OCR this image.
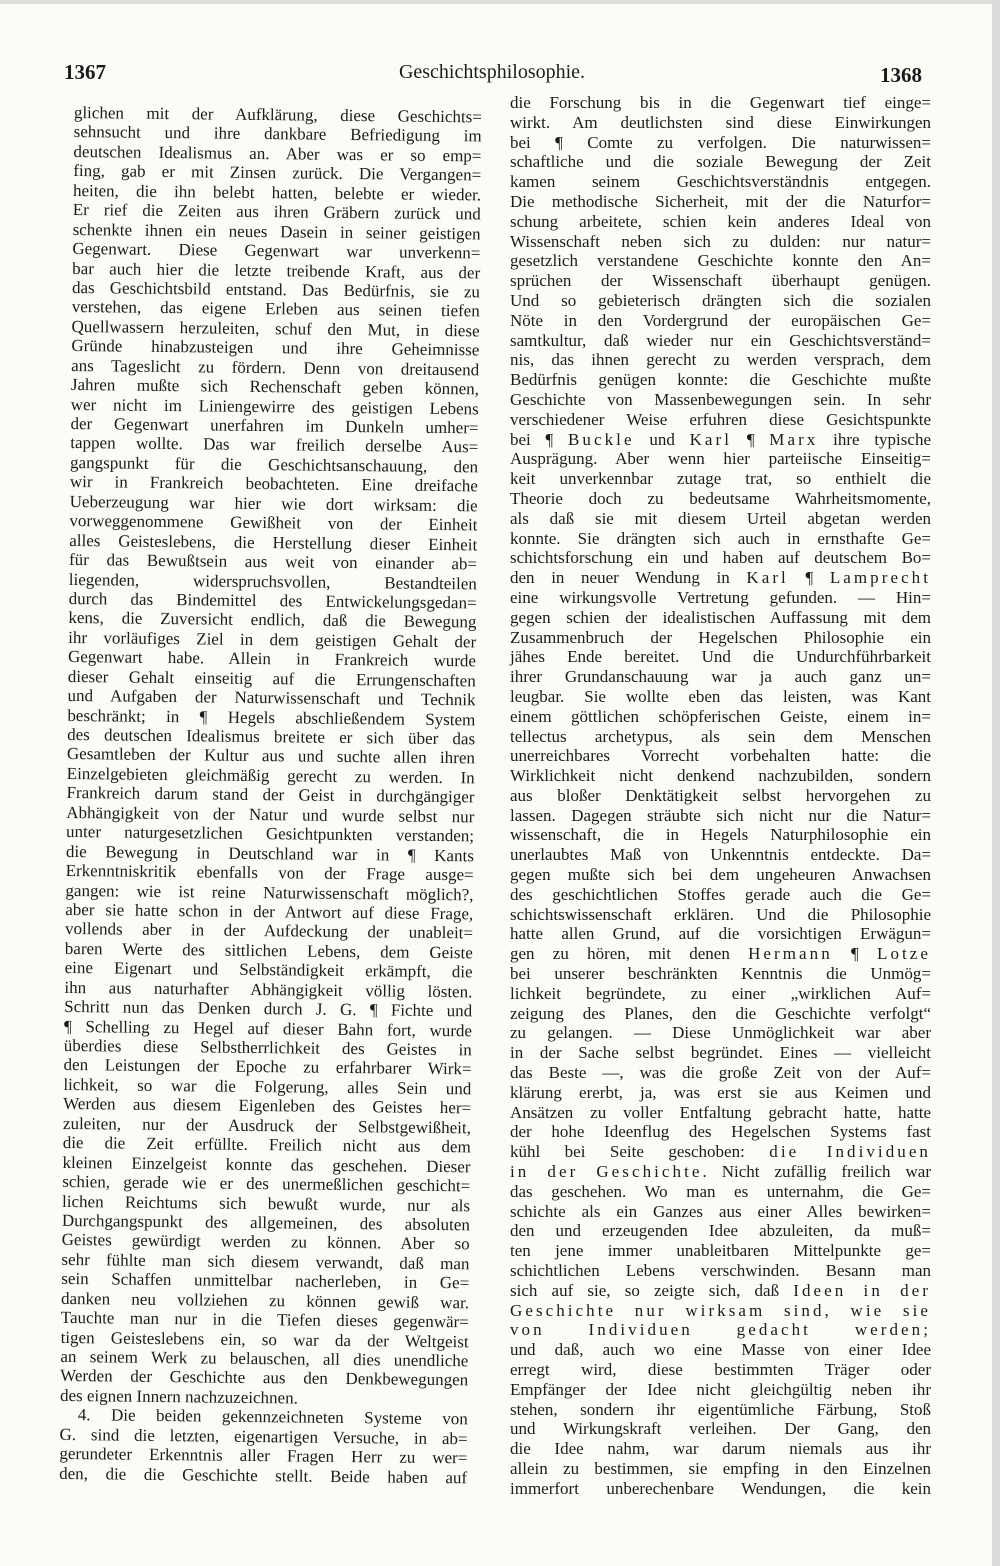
1367	Geschichtsphilosophie.	1368
glichen mit der Aufklärung, diese Geschichts=
sehnsucht und ihre dankbare Befriedigung im
deutschen Idealismus an. Aber was er so emp=
fing, gab er mit Zinsen zurück. Die Vergangen=
heiten, die ihn belebt hatten, belebte er wieder.
Er rief die Zeiten aus ihren Gräbern zurück und
schenkte ihnen ein neues Dasein in seiner geistigen
Gegenwart. Diese Gegenwart war unverkenn=
bar auch hier die letzte treibende Kraft, aus der
das Geschichtsbild entstand. Das Bedürfnis, sie zu
verstehen, das eigene Erleben aus seinen tiefen
Quellwassern herzuleiten, schuf den Mut, in diese
Gründe hinabzusteigen und ihre Geheimnisse
ans Tageslicht zu fördern. Denn von dreitausend
Jahren mußte sich Rechenschaft geben können,
wer nicht im Liniengewirre des geistigen Lebens
der Gegenwart unerfahren im Dunkeln umher=
tappen wollte. Das war freilich derselbe Aus=
gangspunkt für die Geschichtsanschauung, den
wir in Frankreich beobachteten. Eine dreifache
Ueberzeugung war hier wie dort wirksam: die
vorweggenommene Gewißheit von der Einheit
alles Geisteslebens, die Herstellung dieser Einheit
für das Bewußtsein aus weit von einander ab=
liegenden, widerspruchsvollen, Bestandteilen
durch das Bindemittel des Entwickelungsgedan=
kens, die Zuversicht endlich, daß die Bewegung
ihr vorläufiges Ziel in dem geistigen Gehalt der
Gegenwart habe. Allein in Frankreich wurde
dieser Gehalt einseitig auf die Errungenschaften
und Aufgaben der Naturwissenschaft und Technik
beschränkt; in ¶ Hegels abschließendem System
des deutschen Idealismus breitete er sich über das
Gesamtleben der Kultur aus und suchte allen ihren
Einzelgebieten gleichmäßig gerecht zu werden. In
Frankreich darum stand der Geist in durchgängiger
Abhängigkeit von der Natur und wurde selbst nur
unter naturgesetzlichen Gesichtpunkten verstanden;
die Bewegung in Deutschland war in ¶ Kants
Erkenntniskritik ebenfalls von der Frage ausge=
gangen: wie ist reine Naturwissenschaft möglich?,
aber sie hatte schon in der Antwort auf diese Frage,
vollends aber in der Aufdeckung der unableit=
baren Werte des sittlichen Lebens, dem Geiste
eine Eigenart und Selbständigkeit erkämpft, die
ihn aus naturhafter Abhängigkeit völlig lösten.
Schritt nun das Denken durch J. G. ¶ Fichte und
¶ Schelling zu Hegel auf dieser Bahn fort, wurde
überdies diese Selbstherrlichkeit des Geistes in
den Leistungen der Epoche zu erfahrbarer Wirk=
lichkeit, so war die Folgerung, alles Sein und
Werden aus diesem Eigenleben des Geistes her=
zuleiten, nur der Ausdruck der Selbstgewißheit,
die die Zeit erfüllte. Freilich nicht aus dem
kleinen Einzelgeist konnte das geschehen. Dieser
schien, gerade wie er des unermeßlichen geschicht=
lichen Reichtums sich bewußt wurde, nur als
Durchgangspunkt des allgemeinen, des absoluten
Geistes gewürdigt werden zu können. Aber so
sehr fühlte man sich diesem verwandt, daß man
sein Schaffen unmittelbar nacherleben, in Ge=
danken neu vollziehen zu können gewiß war.
Tauchte man nur in die Tiefen dieses gegenwär=
tigen Geisteslebens ein, so war da der Weltgeist
an seinem Werk zu belauschen, all dies unendliche
Werden der Geschichte aus den Denkbewegungen
des eignen Innern nachzuzeichnen.
4. Die beiden gekennzeichneten Systeme von
G. sind die letzten, eigenartigen Versuche, in ab=
gerundeter Erkenntnis aller Fragen Herr zu wer=
den, die die Geschichte stellt. Beide haben auf
die Forschung bis in die Gegenwart tief einge=
wirkt. Am deutlichsten sind diese Einwirkungen
bei ¶ Comte zu verfolgen. Die naturwissen=
schaftliche und die soziale Bewegung der Zeit
kamen seinem Geschichtsverständnis entgegen.
Die methodische Sicherheit, mit der die Naturfor=
schung arbeitete, schien kein anderes Ideal von
Wissenschaft neben sich zu dulden: nur natur=
gesetzlich verstandene Geschichte konnte den An=
sprüchen der Wissenschaft überhaupt genügen.
Und so gebieterisch drängten sich die sozialen
Nöte in den Vordergrund der europäischen Ge=
samtkultur, daß wieder nur ein Geschichtsverständ=
nis, das ihnen gerecht zu werden versprach, dem
Bedürfnis genügen konnte: die Geschichte mußte
Geschichte von Massenbewegungen sein. In sehr
verschiedener Weise erfuhren diese Gesichtspunkte
bei ¶ Buckle und Karl ¶ Marx ihre typische
Ausprägung. Aber wenn hier parteiische Einseitig=
keit unverkennbar zutage trat, so enthielt die
Theorie doch zu bedeutsame Wahrheitsmomente,
als daß sie mit diesem Urteil abgetan werden
konnte. Sie drängten sich auch in ernsthafte Ge=
schichtsforschung ein und haben auf deutschem Bo=
den in neuer Wendung in Karl ¶ Lamprecht
eine wirkungsvolle Vertretung gefunden. — Hin=
gegen schien der idealistischen Auffassung mit dem
Zusammenbruch der Hegelschen Philosophie ein
jähes Ende bereitet. Und die Undurchführbarkeit
ihrer Grundanschauung war ja auch ganz un=
leugbar. Sie wollte eben das leisten, was Kant
einem göttlichen schöpferischen Geiste, einem in=
tellectus archetypus, als sein dem Menschen
unerreichbares Vorrecht vorbehalten hatte: die
Wirklichkeit nicht denkend nachzubilden, sondern
aus bloßer Denktätigkeit selbst hervorgehen zu
lassen. Dagegen sträubte sich nicht nur die Natur=
wissenschaft, die in Hegels Naturphilosophie ein
unerlaubtes Maß von Unkenntnis entdeckte. Da=
gegen mußte sich bei dem ungeheuren Anwachsen
des geschichtlichen Stoffes gerade auch die Ge=
schichtswissenschaft erklären. Und die Philosophie
hatte allen Grund, auf die vorsichtigen Erwägun=
gen zu hören, mit denen Hermann ¶ Lotze
bei unserer beschränkten Kenntnis die Unmög=
lichkeit begründete, zu einer „wirklichen Auf=
zeigung des Planes, den die Geschichte verfolgt“
zu gelangen. — Diese Unmöglichkeit war aber
in der Sache selbst begründet. Eines — vielleicht
das Beste —, was die große Zeit von der Auf=
klärung ererbt, ja, was erst sie aus Keimen und
Ansätzen zu voller Entfaltung gebracht hatte, hatte
der hohe Ideenflug des Hegelschen Systems fast
kühl bei Seite geschoben: die Individuen
in der Geschichte. Nicht zufällig freilich war
das geschehen. Wo man es unternahm, die Ge=
schichte als ein Ganzes aus einer Alles bewirken=
den und erzeugenden Idee abzuleiten, da muß=
ten jene immer unableitbaren Mittelpunkte ge=
schichtlichen Lebens verschwinden. Besann man
sich auf sie, so zeigte sich, daß Ideen in der
Geschichte nur wirksam sind, wie sie
von Individuen gedacht werden;
und daß, auch wo eine Masse von einer Idee
erregt wird, diese bestimmten Träger oder
Empfänger der Idee nicht gleichgültig neben ihr
stehen, sondern ihr eigentümliche Färbung, Stoß
und Wirkungskraft verleihen. Der Gang, den
die Idee nahm, war darum niemals aus ihr
allein zu bestimmen, sie empfing in den Einzelnen
immerfort unberechenbare Wendungen, die kein
